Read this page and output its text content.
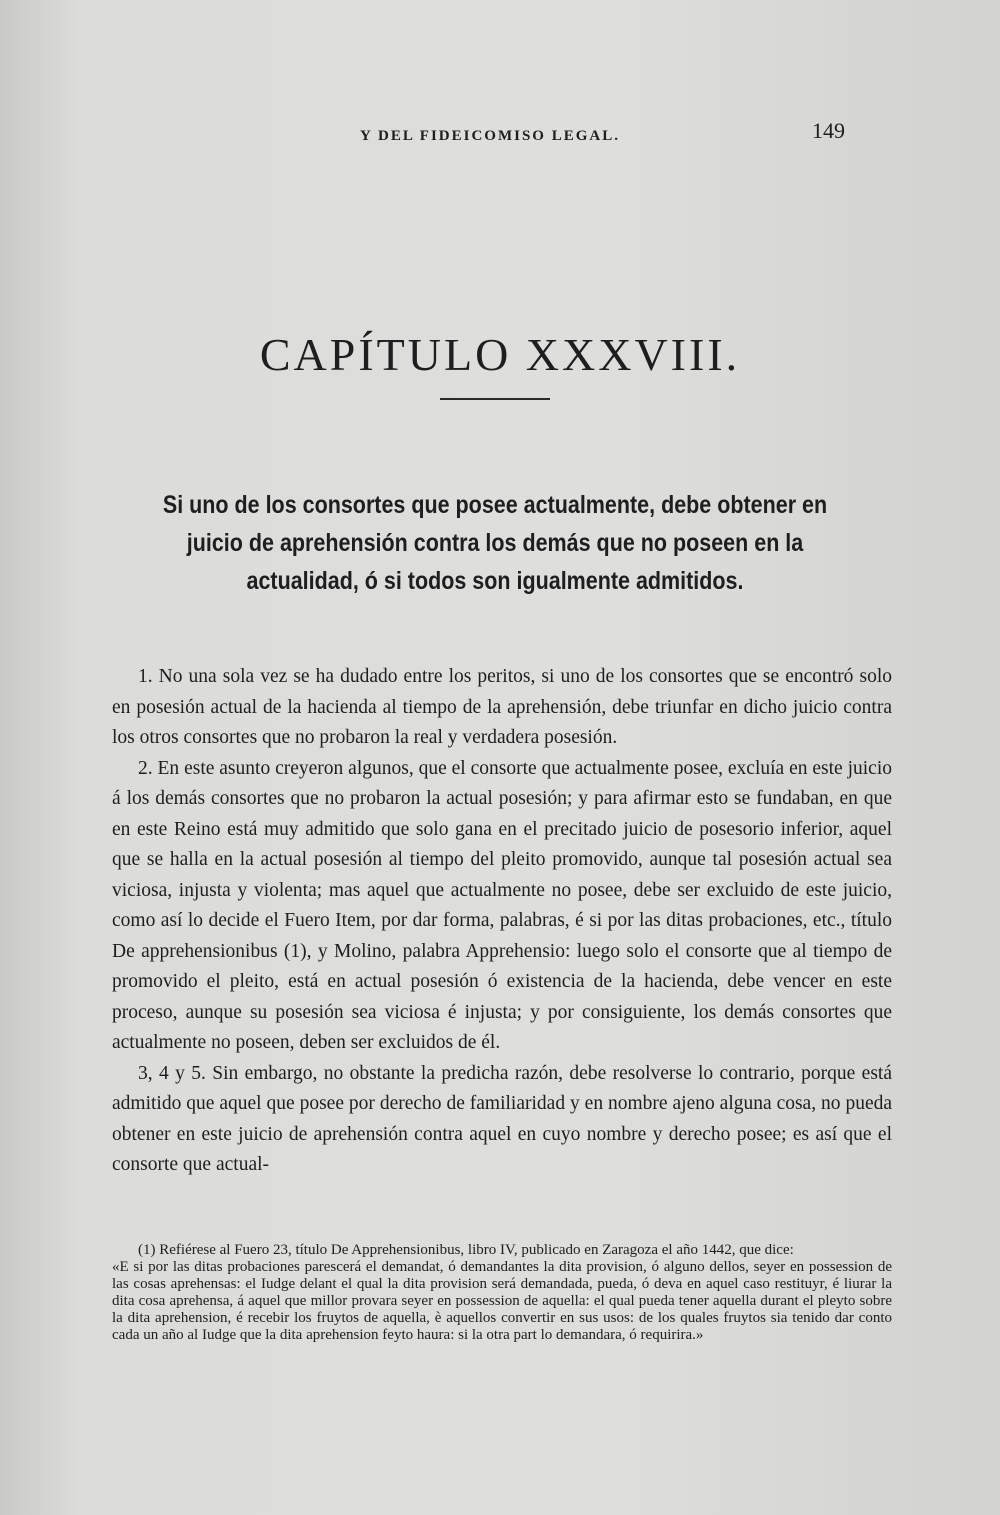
Y DEL FIDEICOMISO LEGAL.	149
CAPÍTULO XXXVIII.
Si uno de los consortes que posee actualmente, debe obtener en juicio de aprehensión contra los demás que no poseen en la actualidad, ó si todos son igualmente admitidos.

1. No una sola vez se ha dudado entre los peritos, si uno de los consortes que se encontró solo en posesión actual de la hacienda al tiempo de la aprehensión, debe triunfar en dicho juicio contra los otros consortes que no probaron la real y verdadera posesión.

2. En este asunto creyeron algunos, que el consorte que actualmente posee, excluía en este juicio á los demás consortes que no probaron la actual posesión; y para afirmar esto se fundaban, en que en este Reino está muy admitido que solo gana en el precitado juicio de posesorio inferior, aquel que se halla en la actual posesión al tiempo del pleito promovido, aunque tal posesión actual sea viciosa, injusta y violenta; mas aquel que actualmente no posee, debe ser excluido de este juicio, como así lo decide el Fuero Item, por dar forma, palabras, é si por las ditas probaciones, etc., título De apprehensionibus (1), y Molino, palabra Apprehensio: luego solo el consorte que al tiempo de promovido el pleito, está en actual posesión ó existencia de la hacienda, debe vencer en este proceso, aunque su posesión sea viciosa é injusta; y por consiguiente, los demás consortes que actualmente no poseen, deben ser excluidos de él.

3, 4 y 5. Sin embargo, no obstante la predicha razón, debe resolverse lo contrario, porque está admitido que aquel que posee por derecho de familiaridad y en nombre ajeno alguna cosa, no pueda obtener en este juicio de aprehensión contra aquel en cuyo nombre y derecho posee; es así que el consorte que actual-

(1) Refiérese al Fuero 23, título De Apprehensionibus, libro IV, publicado en Zaragoza el año 1442, que dice:

«E si por las ditas probaciones parescerá el demandat, ó demandantes la dita provision, ó alguno dellos, seyer en possession de las cosas aprehensas: el Iudge delant el qual la dita provision será demandada, pueda, ó deva en aquel caso restituyr, é liurar la dita cosa aprehensa, á aquel que millor provara seyer en possession de aquella: el qual pueda tener aquella durant el pleyto sobre la dita aprehension, é recebir los fruytos de aquella, è aquellos convertir en sus usos: de los quales fruytos sia tenido dar conto cada un año al Iudge que la dita aprehension feyto haura: si la otra part lo demandara, ó requirira.»
